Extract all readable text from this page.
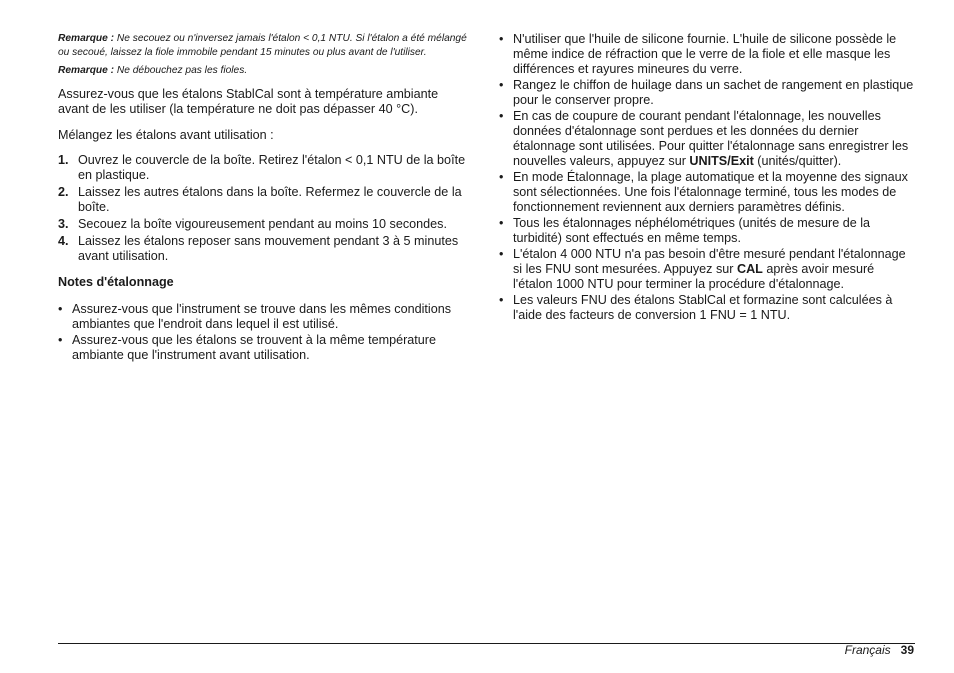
Remarque : Ne secouez ou n'inversez jamais l'étalon < 0,1 NTU. Si l'étalon a été mélangé ou secoué, laissez la fiole immobile pendant 15 minutes ou plus avant de l'utiliser.

Remarque : Ne débouchez pas les fioles.

Assurez-vous que les étalons StablCal sont à température ambiante avant de les utiliser (la température ne doit pas dépasser 40 °C).

Mélangez les étalons avant utilisation :

1. Ouvrez le couvercle de la boîte. Retirez l'étalon < 0,1 NTU de la boîte en plastique.
2. Laissez les autres étalons dans la boîte. Refermez le couvercle de la boîte.
3. Secouez la boîte vigoureusement pendant au moins 10 secondes.
4. Laissez les étalons reposer sans mouvement pendant 3 à 5 minutes avant utilisation.
Notes d'étalonnage
• Assurez-vous que l'instrument se trouve dans les mêmes conditions ambiantes que l'endroit dans lequel il est utilisé.
• Assurez-vous que les étalons se trouvent à la même température ambiante que l'instrument avant utilisation.
• N'utiliser que l'huile de silicone fournie. L'huile de silicone possède le même indice de réfraction que le verre de la fiole et elle masque les différences et rayures mineures du verre.
• Rangez le chiffon de huilage dans un sachet de rangement en plastique pour le conserver propre.
• En cas de coupure de courant pendant l'étalonnage, les nouvelles données d'étalonnage sont perdues et les données du dernier étalonnage sont utilisées. Pour quitter l'étalonnage sans enregistrer les nouvelles valeurs, appuyez sur UNITS/Exit (unités/quitter).
• En mode Étalonnage, la plage automatique et la moyenne des signaux sont sélectionnées. Une fois l'étalonnage terminé, tous les modes de fonctionnement reviennent aux derniers paramètres définis.
• Tous les étalonnages néphélométriques (unités de mesure de la turbidité) sont effectués en même temps.
• L'étalon 4 000 NTU n'a pas besoin d'être mesuré pendant l'étalonnage si les FNU sont mesurées. Appuyez sur CAL après avoir mesuré l'étalon 1000 NTU pour terminer la procédure d'étalonnage.
• Les valeurs FNU des étalons StablCal et formazine sont calculées à l'aide des facteurs de conversion 1 FNU = 1 NTU.
Français 39
